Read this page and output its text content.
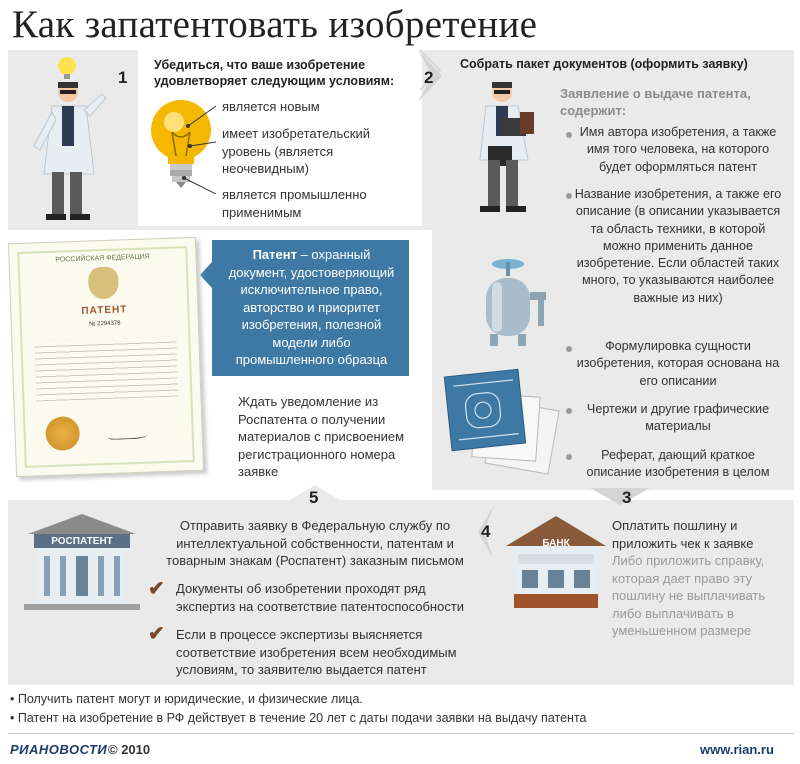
Как запатентовать изобретение
1
Убедиться, что ваше изобретение удовлетворяет следующим условиям:
является новым
имеет изобретательский уровень (является неочевидным)
является промышленно применимым
2
Собрать пакет документов (оформить заявку)
Заявление о выдаче патента, содержит:
Имя автора изобретения, а также имя того человека, на которого будет оформляться патент
Название изобретения, а также его описание (в описании указывается та область техники, в которой можно применить данное изобретение. Если областей таких много, то указываются наиболее важные из них)
Формулировка сущности изобретения, которая основана на его описании
Чертежи и другие графические материалы
Реферат, дающий краткое описание изобретения в целом
РОССИЙСКАЯ ФЕДЕРАЦИЯ
ПАТЕНТ
№ 2294378
Патент – охранный документ, удостоверяющий исключительное право, авторство и приоритет изобретения, полезной модели либо промышленного образца
Ждать уведомление из Роспатента о получении материалов с присвоением регистрационного номера заявке
5
РОСПАТЕНТ
Отправить заявку в Федеральную службу по интеллектуальной собственности, патентам и товарным знакам (Роспатент) заказным письмом
✔ Документы об изобретении проходят ряд экспертиз на соответствие патентоспособности
✔ Если в процессе экспертизы выясняется соответствие изобретения всем необходимым условиям, то заявителю выдается патент
4
3
БАНК
Оплатить пошлину и приложить чек к заявке
Либо приложить справку, которая дает право эту пошлину не выплачивать либо выплачивать в уменьшенном размере
• Получить патент могут и юридические, и физические лица.
• Патент на изобретение в РФ действует в течение 20 лет с даты подачи заявки на выдачу патента
РИАНОВОСТИ © 2010	www.rian.ru
